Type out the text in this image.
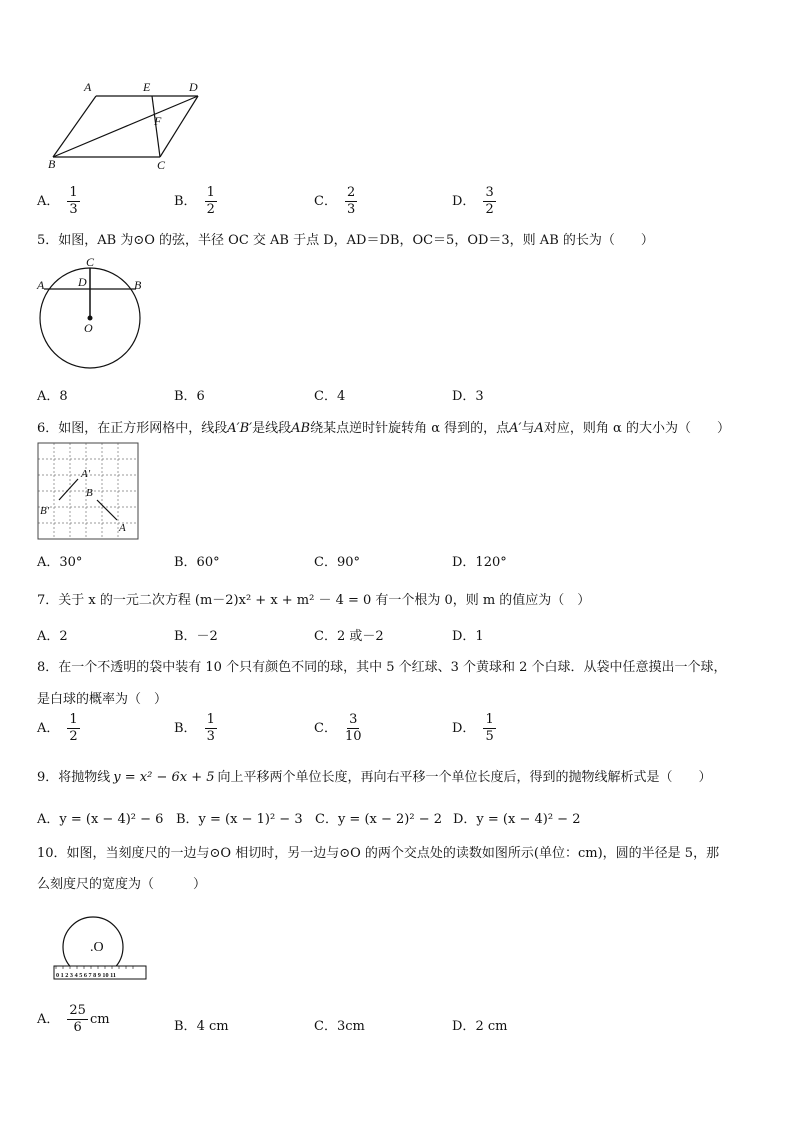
A	E	D
F
B	C
A． $\frac{1}{3}$	B． $\frac{1}{2}$	C． $\frac{2}{3}$	D． $\frac{3}{2}$
5．如图，AB 为⊙O 的弦，半径 OC 交 AB 于点 D，AD＝DB，OC＝5，OD＝3，则 AB 的长为（　　）
A	D
C
B
O
A．8	B．6	C．4	D．3
6．如图，在正方形网格中，线段A′B′是线段AB绕某点逆时针旋转角 α 得到的，点A′与A对应，则角 α 的大小为（　　）
A′
B
B′
A
A．30°	B．60°	C．90°	D．120°
7．关于 x 的一元二次方程 (m－2)x² + x + m² － 4 = 0 有一个根为 0，则 m 的值应为（　）
A．2	B．－2	C．2 或－2	D．1
8．在一个不透明的袋中装有 10 个只有颜色不同的球，其中 5 个红球、3 个黄球和 2 个白球．从袋中任意摸出一个球，
是白球的概率为（　）
A． $\frac{1}{2}$	B． $\frac{1}{3}$	C． $\frac{3}{10}$	D． $\frac{1}{5}$
9．将抛物线 y = x² − 6x + 5 向上平移两个单位长度，再向右平移一个单位长度后，得到的抛物线解析式是（　　）
A．y = (x − 4)² − 6 B．y = (x − 1)² − 3 C．y = (x − 2)² − 2 D．y = (x − 4)² − 2
10．如图，当刻度尺的一边与⊙O 相切时，另一边与⊙O 的两个交点处的读数如图所示(单位：cm)，圆的半径是 5，那
么刻度尺的宽度为（　　　）
.O
0 1 2 3 4 5 6 7 8 9 10 11
A． $\frac{25}{6}$ cm	B．4 cm	C．3cm	D．2 cm
